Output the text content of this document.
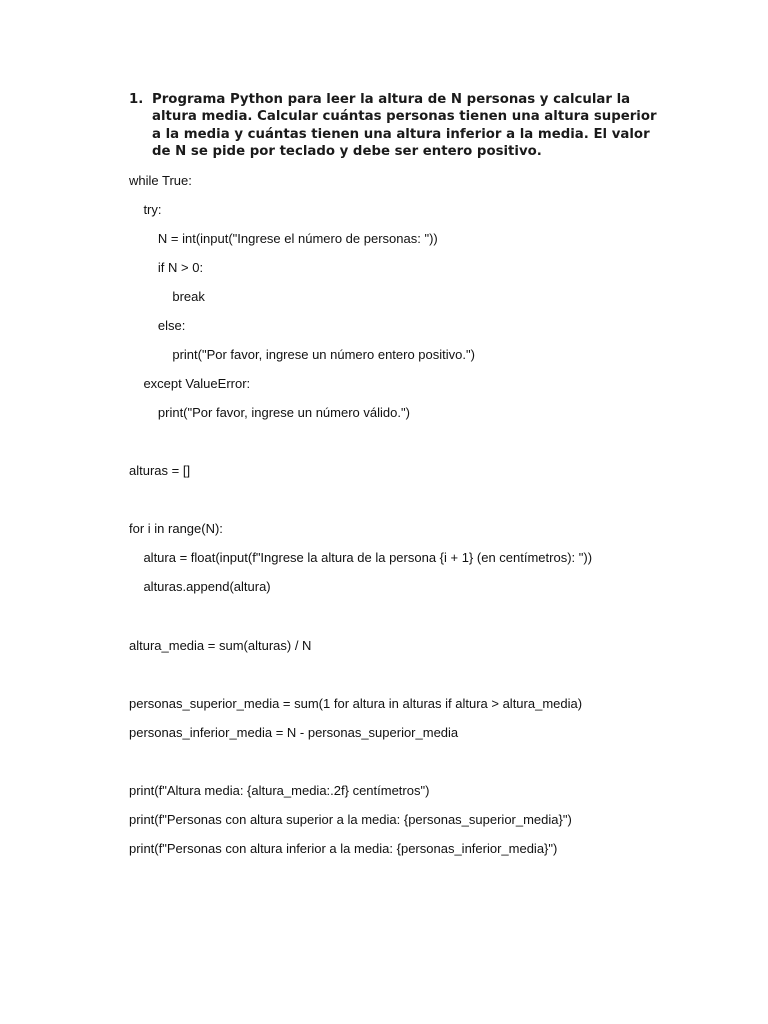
1. Programa Python para leer la altura de N personas y calcular la altura media. Calcular cuántas personas tienen una altura superior a la media y cuántas tienen una altura inferior a la media. El valor de N se pide por teclado y debe ser entero positivo.
while True:
try:
N = int(input("Ingrese el número de personas: "))
if N > 0:
break
else:
print("Por favor, ingrese un número entero positivo.")
except ValueError:
print("Por favor, ingrese un número válido.")
alturas = []
for i in range(N):
altura = float(input(f"Ingrese la altura de la persona {i + 1} (en centímetros): "))
alturas.append(altura)
altura_media = sum(alturas) / N
personas_superior_media = sum(1 for altura in alturas if altura > altura_media)
personas_inferior_media = N - personas_superior_media
print(f"Altura media: {altura_media:.2f} centímetros")
print(f"Personas con altura superior a la media: {personas_superior_media}")
print(f"Personas con altura inferior a la media: {personas_inferior_media}")
